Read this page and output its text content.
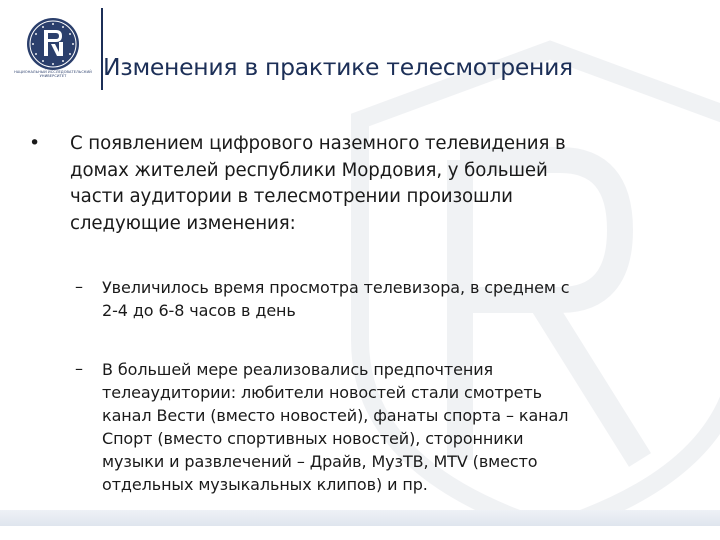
НАЦИОНАЛЬНЫЙ ИССЛЕДОВАТЕЛЬСКИЙ УНИВЕРСИТЕТ	Изменения в практике телесмотрения
• С появлением цифрового наземного телевидения в
домах жителей республики Мордовия, у большей
части аудитории в телесмотрении произошли
следующие изменения:
– Увеличилось время просмотра телевизора, в среднем с
2-4 до 6-8 часов в день
– В большей мере реализовались предпочтения
телеаудитории: любители новостей стали смотреть
канал Вести (вместо новостей), фанаты спорта – канал
Спорт (вместо спортивных новостей), сторонники
музыки и развлечений – Драйв, МузТВ, MTV (вместо
отдельных музыкальных клипов) и пр.
